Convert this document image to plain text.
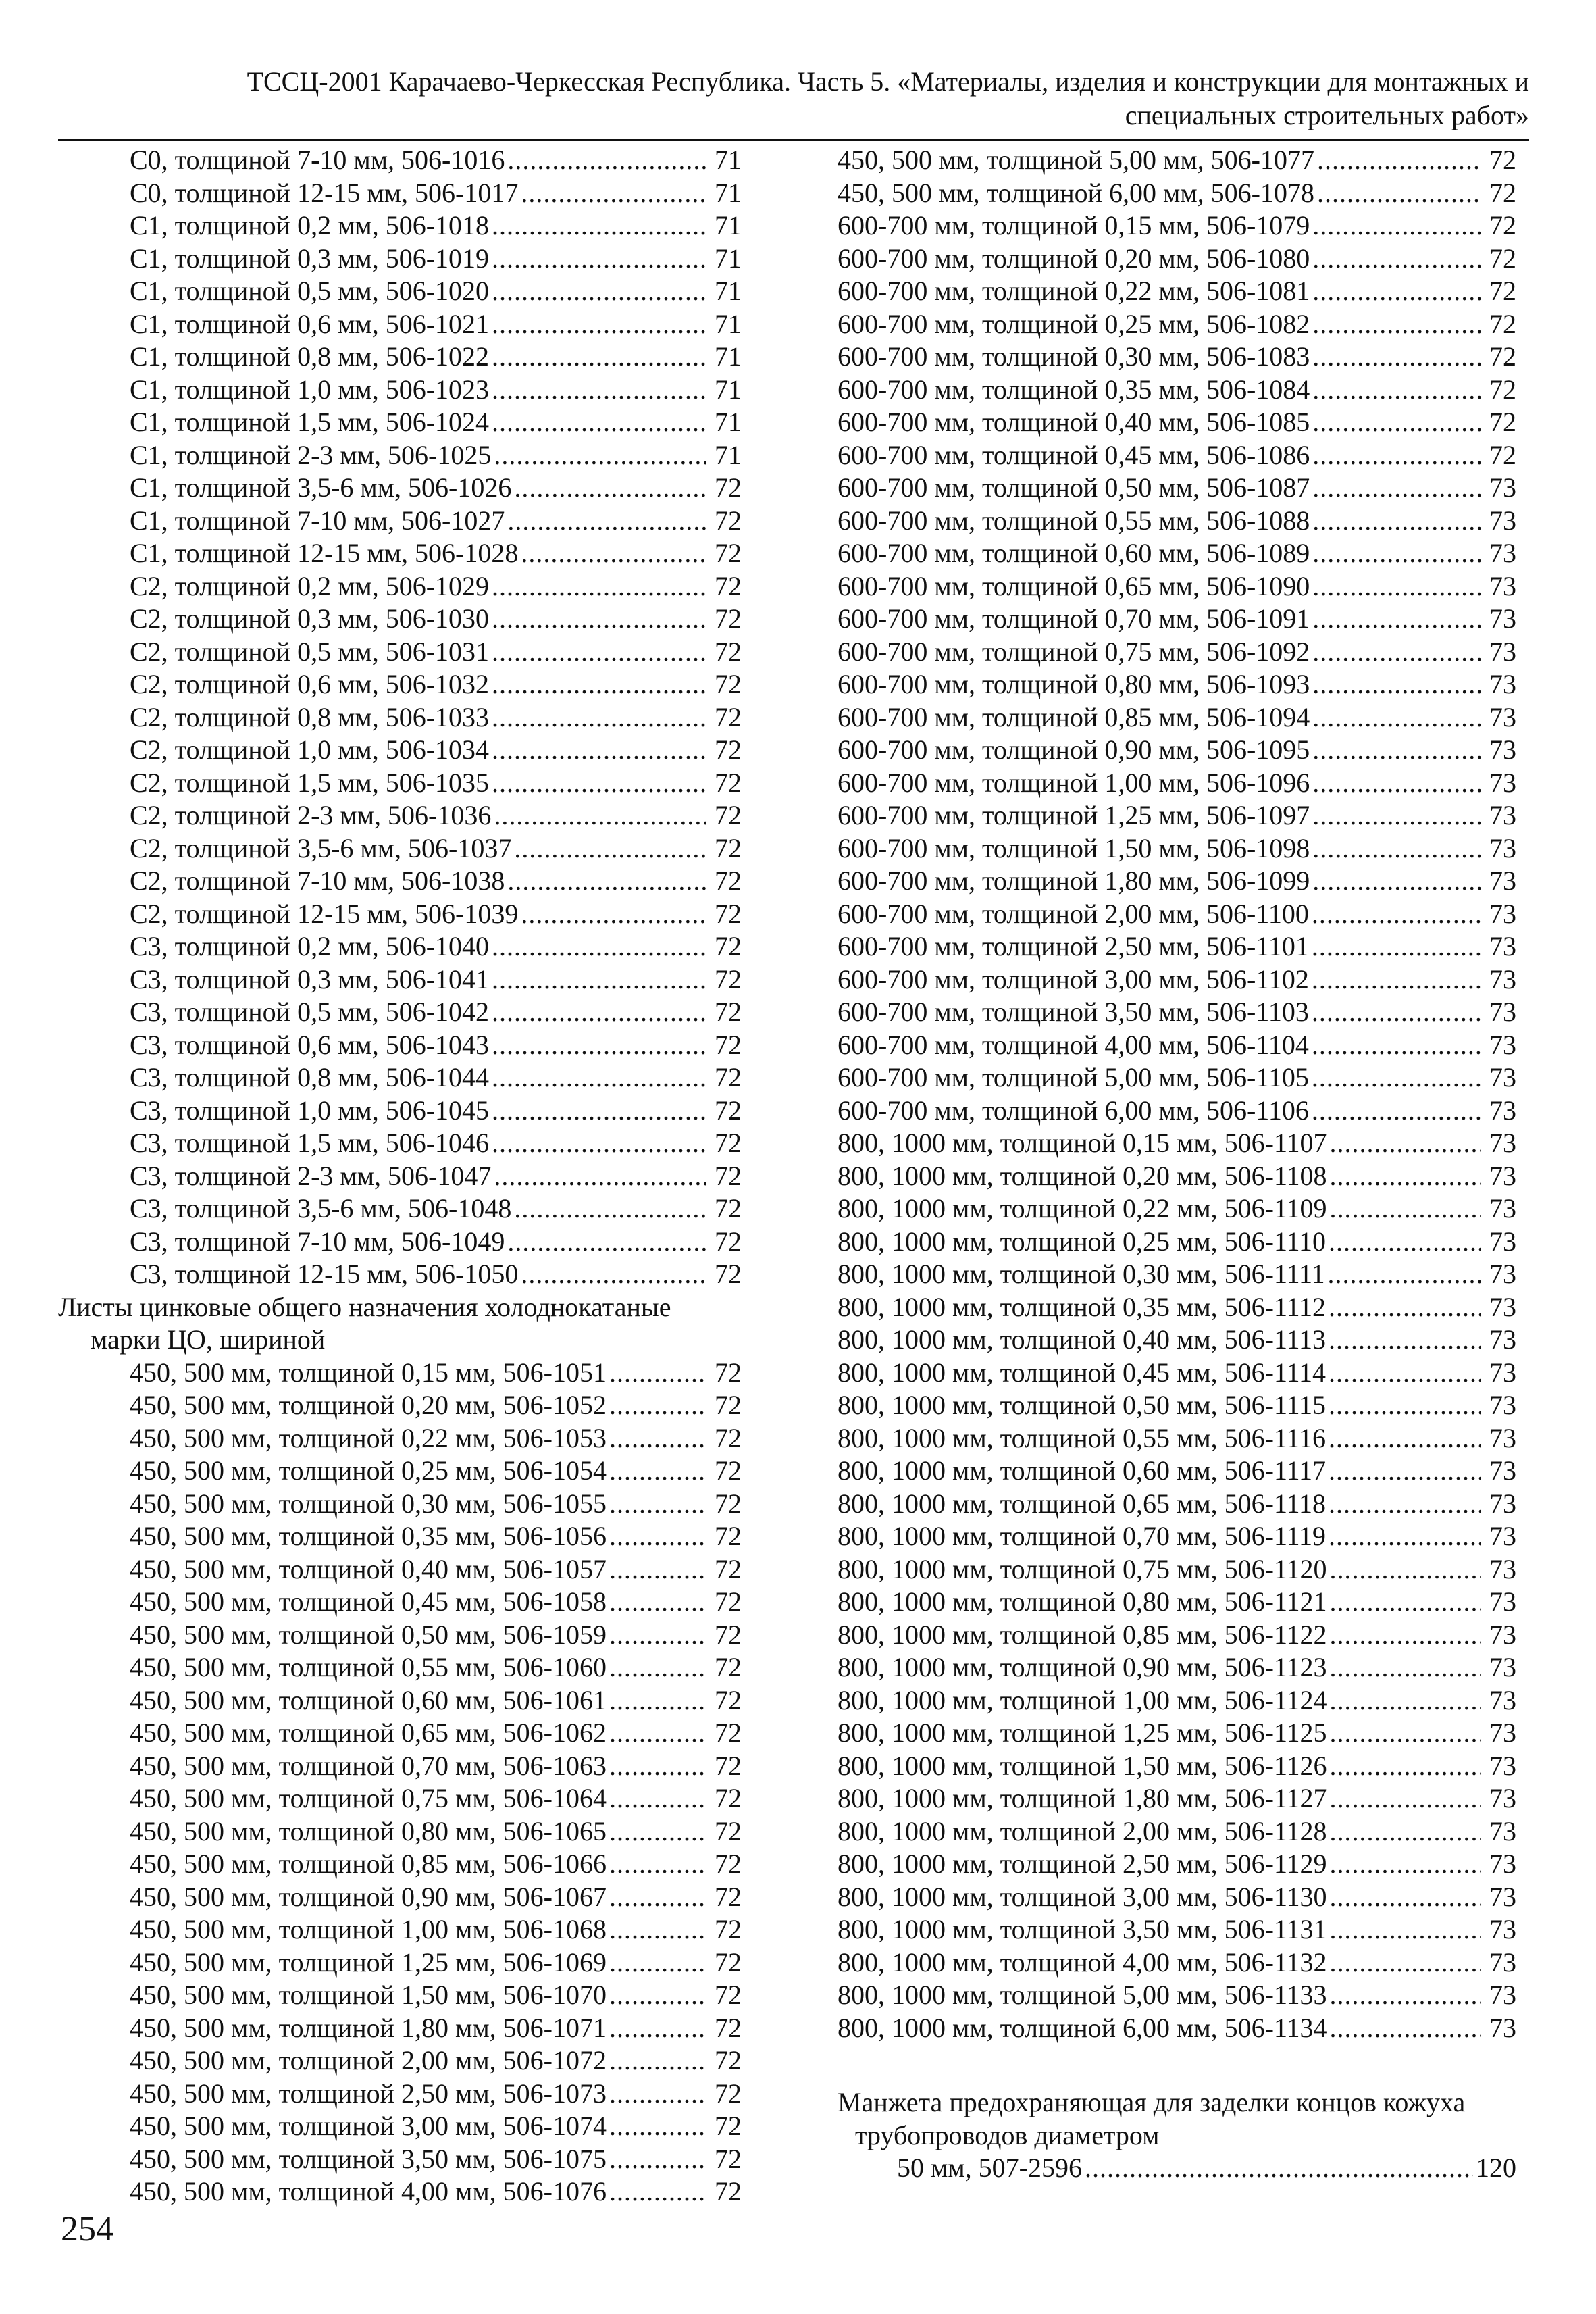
ТССЦ-2001 Карачаево-Черкесская Республика. Часть 5. «Материалы, изделия и конструкции для монтажных и
специальных строительных работ»
С0, толщиной 7-10 мм, 506-1016 .....	71
С0, толщиной 12-15 мм, 506-1017 .....	71
С1, толщиной 0,2 мм, 506-1018 .....	71
С1, толщиной 0,3 мм, 506-1019 .....	71
С1, толщиной 0,5 мм, 506-1020 .....	71
С1, толщиной 0,6 мм, 506-1021 .....	71
С1, толщиной 0,8 мм, 506-1022 .....	71
С1, толщиной 1,0 мм, 506-1023 .....	71
С1, толщиной 1,5 мм, 506-1024 .....	71
С1, толщиной 2-3 мм, 506-1025 .....	71
С1, толщиной 3,5-6 мм, 506-1026 .....	72
С1, толщиной 7-10 мм, 506-1027 .....	72
С1, толщиной 12-15 мм, 506-1028 .....	72
С2, толщиной 0,2 мм, 506-1029 .....	72
С2, толщиной 0,3 мм, 506-1030 .....	72
С2, толщиной 0,5 мм, 506-1031 .....	72
С2, толщиной 0,6 мм, 506-1032 .....	72
С2, толщиной 0,8 мм, 506-1033 .....	72
С2, толщиной 1,0 мм, 506-1034 .....	72
С2, толщиной 1,5 мм, 506-1035 .....	72
С2, толщиной 2-3 мм, 506-1036 .....	72
С2, толщиной 3,5-6 мм, 506-1037 .....	72
С2, толщиной 7-10 мм, 506-1038 .....	72
С2, толщиной 12-15 мм, 506-1039 .....	72
С3, толщиной 0,2 мм, 506-1040 .....	72
С3, толщиной 0,3 мм, 506-1041 .....	72
С3, толщиной 0,5 мм, 506-1042 .....	72
С3, толщиной 0,6 мм, 506-1043 .....	72
С3, толщиной 0,8 мм, 506-1044 .....	72
С3, толщиной 1,0 мм, 506-1045 .....	72
С3, толщиной 1,5 мм, 506-1046 .....	72
С3, толщиной 2-3 мм, 506-1047 .....	72
С3, толщиной 3,5-6 мм, 506-1048 .....	72
С3, толщиной 7-10 мм, 506-1049 .....	72
С3, толщиной 12-15 мм, 506-1050 .....	72
Листы цинковые общего назначения холоднокатаные
марки ЦО, шириной
450, 500 мм, толщиной 0,15 мм, 506-1051 .....	72
450, 500 мм, толщиной 0,20 мм, 506-1052 .....	72
450, 500 мм, толщиной 0,22 мм, 506-1053 .....	72
450, 500 мм, толщиной 0,25 мм, 506-1054 .....	72
450, 500 мм, толщиной 0,30 мм, 506-1055 .....	72
450, 500 мм, толщиной 0,35 мм, 506-1056 .....	72
450, 500 мм, толщиной 0,40 мм, 506-1057 .....	72
450, 500 мм, толщиной 0,45 мм, 506-1058 .....	72
450, 500 мм, толщиной 0,50 мм, 506-1059 .....	72
450, 500 мм, толщиной 0,55 мм, 506-1060 .....	72
450, 500 мм, толщиной 0,60 мм, 506-1061 .....	72
450, 500 мм, толщиной 0,65 мм, 506-1062 .....	72
450, 500 мм, толщиной 0,70 мм, 506-1063 .....	72
450, 500 мм, толщиной 0,75 мм, 506-1064 .....	72
450, 500 мм, толщиной 0,80 мм, 506-1065 .....	72
450, 500 мм, толщиной 0,85 мм, 506-1066 .....	72
450, 500 мм, толщиной 0,90 мм, 506-1067 .....	72
450, 500 мм, толщиной 1,00 мм, 506-1068 .....	72
450, 500 мм, толщиной 1,25 мм, 506-1069 .....	72
450, 500 мм, толщиной 1,50 мм, 506-1070 .....	72
450, 500 мм, толщиной 1,80 мм, 506-1071 .....	72
450, 500 мм, толщиной 2,00 мм, 506-1072 .....	72
450, 500 мм, толщиной 2,50 мм, 506-1073 .....	72
450, 500 мм, толщиной 3,00 мм, 506-1074 .....	72
450, 500 мм, толщиной 3,50 мм, 506-1075 .....	72
450, 500 мм, толщиной 4,00 мм, 506-1076 .....	72
450, 500 мм, толщиной 5,00 мм, 506-1077 .....	72
450, 500 мм, толщиной 6,00 мм, 506-1078 .....	72
600-700 мм, толщиной 0,15 мм, 506-1079 .....	72
600-700 мм, толщиной 0,20 мм, 506-1080 .....	72
600-700 мм, толщиной 0,22 мм, 506-1081 .....	72
600-700 мм, толщиной 0,25 мм, 506-1082 .....	72
600-700 мм, толщиной 0,30 мм, 506-1083 .....	72
600-700 мм, толщиной 0,35 мм, 506-1084 .....	72
600-700 мм, толщиной 0,40 мм, 506-1085 .....	72
600-700 мм, толщиной 0,45 мм, 506-1086 .....	72
600-700 мм, толщиной 0,50 мм, 506-1087 .....	73
600-700 мм, толщиной 0,55 мм, 506-1088 .....	73
600-700 мм, толщиной 0,60 мм, 506-1089 .....	73
600-700 мм, толщиной 0,65 мм, 506-1090 .....	73
600-700 мм, толщиной 0,70 мм, 506-1091 .....	73
600-700 мм, толщиной 0,75 мм, 506-1092 .....	73
600-700 мм, толщиной 0,80 мм, 506-1093 .....	73
600-700 мм, толщиной 0,85 мм, 506-1094 .....	73
600-700 мм, толщиной 0,90 мм, 506-1095 .....	73
600-700 мм, толщиной 1,00 мм, 506-1096 .....	73
600-700 мм, толщиной 1,25 мм, 506-1097 .....	73
600-700 мм, толщиной 1,50 мм, 506-1098 .....	73
600-700 мм, толщиной 1,80 мм, 506-1099 .....	73
600-700 мм, толщиной 2,00 мм, 506-1100 .....	73
600-700 мм, толщиной 2,50 мм, 506-1101 .....	73
600-700 мм, толщиной 3,00 мм, 506-1102 .....	73
600-700 мм, толщиной 3,50 мм, 506-1103 .....	73
600-700 мм, толщиной 4,00 мм, 506-1104 .....	73
600-700 мм, толщиной 5,00 мм, 506-1105 .....	73
600-700 мм, толщиной 6,00 мм, 506-1106 .....	73
800, 1000 мм, толщиной 0,15 мм, 506-1107 .....	73
800, 1000 мм, толщиной 0,20 мм, 506-1108 .....	73
800, 1000 мм, толщиной 0,22 мм, 506-1109 .....	73
800, 1000 мм, толщиной 0,25 мм, 506-1110 .....	73
800, 1000 мм, толщиной 0,30 мм, 506-1111 .....	73
800, 1000 мм, толщиной 0,35 мм, 506-1112 .....	73
800, 1000 мм, толщиной 0,40 мм, 506-1113 .....	73
800, 1000 мм, толщиной 0,45 мм, 506-1114 .....	73
800, 1000 мм, толщиной 0,50 мм, 506-1115 .....	73
800, 1000 мм, толщиной 0,55 мм, 506-1116 .....	73
800, 1000 мм, толщиной 0,60 мм, 506-1117 .....	73
800, 1000 мм, толщиной 0,65 мм, 506-1118 .....	73
800, 1000 мм, толщиной 0,70 мм, 506-1119 .....	73
800, 1000 мм, толщиной 0,75 мм, 506-1120 .....	73
800, 1000 мм, толщиной 0,80 мм, 506-1121 .....	73
800, 1000 мм, толщиной 0,85 мм, 506-1122 .....	73
800, 1000 мм, толщиной 0,90 мм, 506-1123 .....	73
800, 1000 мм, толщиной 1,00 мм, 506-1124 .....	73
800, 1000 мм, толщиной 1,25 мм, 506-1125 .....	73
800, 1000 мм, толщиной 1,50 мм, 506-1126 .....	73
800, 1000 мм, толщиной 1,80 мм, 506-1127 .....	73
800, 1000 мм, толщиной 2,00 мм, 506-1128 .....	73
800, 1000 мм, толщиной 2,50 мм, 506-1129 .....	73
800, 1000 мм, толщиной 3,00 мм, 506-1130 .....	73
800, 1000 мм, толщиной 3,50 мм, 506-1131 .....	73
800, 1000 мм, толщиной 4,00 мм, 506-1132 .....	73
800, 1000 мм, толщиной 5,00 мм, 506-1133 .....	73
800, 1000 мм, толщиной 6,00 мм, 506-1134 .....	73
Манжета предохраняющая для заделки концов кожуха
трубопроводов диаметром
50 мм, 507-2596 .....	120
254
